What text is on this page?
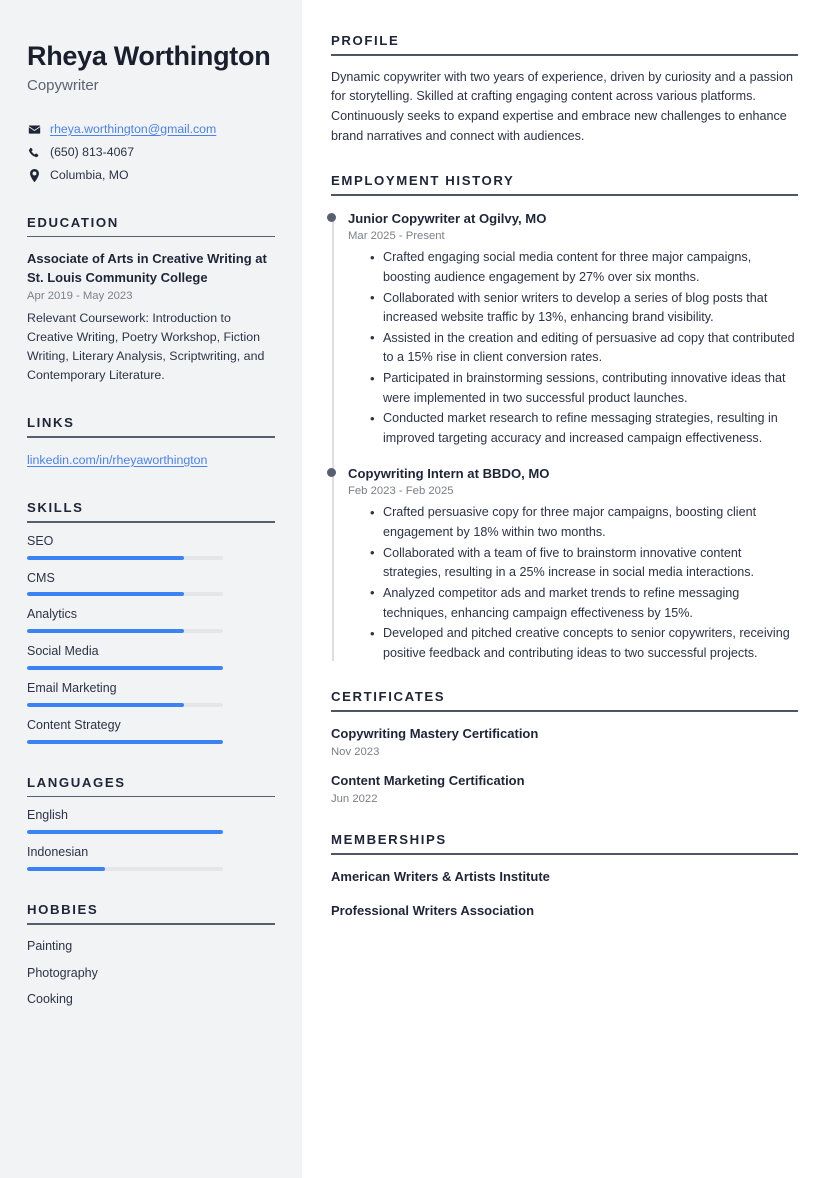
Rheya Worthington
Copywriter
rheya.worthington@gmail.com
(650) 813-4067
Columbia, MO
EDUCATION
Associate of Arts in Creative Writing at St. Louis Community College
Apr 2019 - May 2023
Relevant Coursework: Introduction to Creative Writing, Poetry Workshop, Fiction Writing, Literary Analysis, Scriptwriting, and Contemporary Literature.
LINKS
linkedin.com/in/rheyaworthington
SKILLS
SEO
CMS
Analytics
Social Media
Email Marketing
Content Strategy
LANGUAGES
English
Indonesian
HOBBIES
Painting
Photography
Cooking
PROFILE

Dynamic copywriter with two years of experience, driven by curiosity and a passion for storytelling. Skilled at crafting engaging content across various platforms. Continuously seeks to expand expertise and embrace new challenges to enhance brand narratives and connect with audiences.

EMPLOYMENT HISTORY
Junior Copywriter at Ogilvy, MO
Mar 2025 - Present
• Crafted engaging social media content for three major campaigns, boosting audience engagement by 27% over six months.
• Collaborated with senior writers to develop a series of blog posts that increased website traffic by 13%, enhancing brand visibility.
• Assisted in the creation and editing of persuasive ad copy that contributed to a 15% rise in client conversion rates.
• Participated in brainstorming sessions, contributing innovative ideas that were implemented in two successful product launches.
• Conducted market research to refine messaging strategies, resulting in improved targeting accuracy and increased campaign effectiveness.
Copywriting Intern at BBDO, MO
Feb 2023 - Feb 2025
• Crafted persuasive copy for three major campaigns, boosting client engagement by 18% within two months.
• Collaborated with a team of five to brainstorm innovative content strategies, resulting in a 25% increase in social media interactions.
• Analyzed competitor ads and market trends to refine messaging techniques, enhancing campaign effectiveness by 15%.
• Developed and pitched creative concepts to senior copywriters, receiving positive feedback and contributing ideas to two successful projects.
CERTIFICATES
Copywriting Mastery Certification
Nov 2023
Content Marketing Certification
Jun 2022
MEMBERSHIPS
American Writers & Artists Institute
Professional Writers Association
